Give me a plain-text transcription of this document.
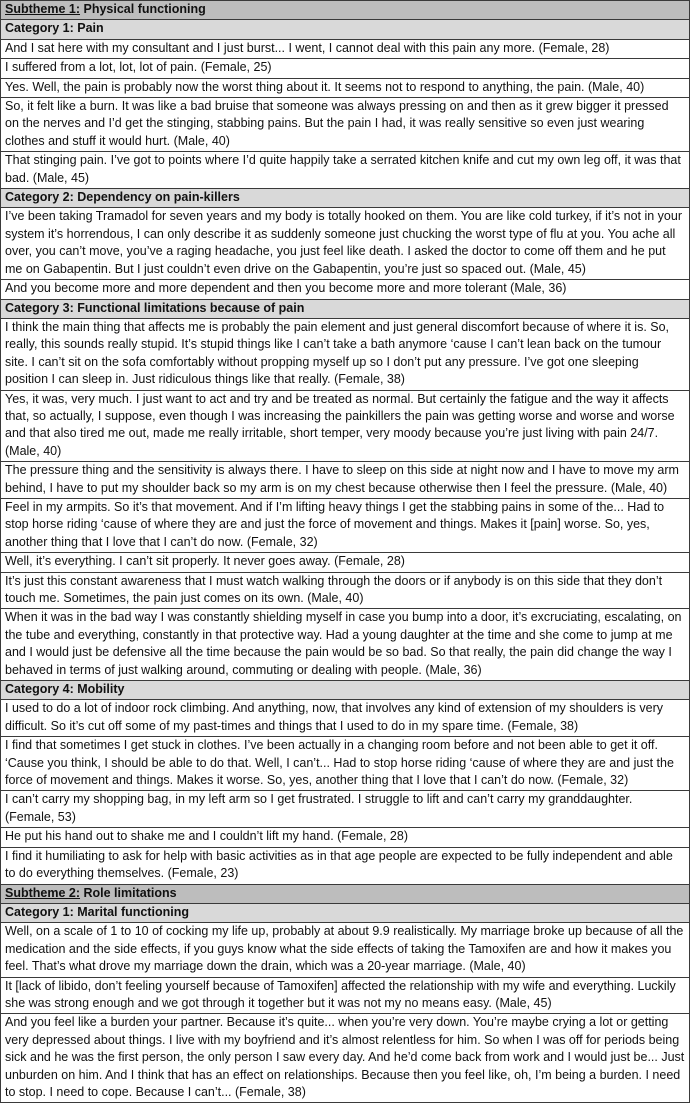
Subtheme 1: Physical functioning
Category 1: Pain
And I sat here with my consultant and I just burst... I went, I cannot deal with this pain any more. (Female, 28)
I suffered from a lot, lot, lot of pain. (Female, 25)
Yes. Well, the pain is probably now the worst thing about it. It seems not to respond to anything, the pain. (Male, 40)
So, it felt like a burn. It was like a bad bruise that someone was always pressing on and then as it grew bigger it pressed on the nerves and I’d get the stinging, stabbing pains. But the pain I had, it was really sensitive so even just wearing clothes and stuff it would hurt. (Male, 40)
That stinging pain. I’ve got to points where I’d quite happily take a serrated kitchen knife and cut my own leg off, it was that bad. (Male, 45)
Category 2: Dependency on pain-killers
I’ve been taking Tramadol for seven years and my body is totally hooked on them. You are like cold turkey, if it’s not in your system it’s horrendous, I can only describe it as suddenly someone just chucking the worst type of flu at you. You ache all over, you can’t move, you’ve a raging headache, you just feel like death. I asked the doctor to come off them and he put me on Gabapentin. But I just couldn’t even drive on the Gabapentin, you’re just so spaced out. (Male, 45)
And you become more and more dependent and then you become more and more tolerant (Male, 36)
Category 3: Functional limitations because of pain
I think the main thing that affects me is probably the pain element and just general discomfort because of where it is. So, really, this sounds really stupid. It’s stupid things like I can’t take a bath anymore ‘cause I can’t lean back on the tumour site. I can’t sit on the sofa comfortably without propping myself up so I don’t put any pressure. I’ve got one sleeping position I can sleep in. Just ridiculous things like that really. (Female, 38)
Yes, it was, very much. I just want to act and try and be treated as normal. But certainly the fatigue and the way it affects that, so actually, I suppose, even though I was increasing the painkillers the pain was getting worse and worse and worse and that also tired me out, made me really irritable, short temper, very moody because you’re just living with pain 24/7. (Male, 40)
The pressure thing and the sensitivity is always there. I have to sleep on this side at night now and I have to move my arm behind, I have to put my shoulder back so my arm is on my chest because otherwise then I feel the pressure. (Male, 40)
Feel in my armpits. So it’s that movement. And if I’m lifting heavy things I get the stabbing pains in some of the... Had to stop horse riding ‘cause of where they are and just the force of movement and things. Makes it [pain] worse. So, yes, another thing that I love that I can’t do now. (Female, 32)
Well, it’s everything. I can’t sit properly. It never goes away. (Female, 28)
It’s just this constant awareness that I must watch walking through the doors or if anybody is on this side that they don’t touch me. Sometimes, the pain just comes on its own. (Male, 40)
When it was in the bad way I was constantly shielding myself in case you bump into a door, it’s excruciating, escalating, on the tube and everything, constantly in that protective way. Had a young daughter at the time and she come to jump at me and I would just be defensive all the time because the pain would be so bad. So that really, the pain did change the way I behaved in terms of just walking around, commuting or dealing with people. (Male, 36)
Category 4: Mobility
I used to do a lot of indoor rock climbing. And anything, now, that involves any kind of extension of my shoulders is very difficult. So it’s cut off some of my past-times and things that I used to do in my spare time. (Female, 38)
I find that sometimes I get stuck in clothes. I’ve been actually in a changing room before and not been able to get it off. ‘Cause you think, I should be able to do that. Well, I can’t... Had to stop horse riding ‘cause of where they are and just the force of movement and things. Makes it worse. So, yes, another thing that I love that I can’t do now. (Female, 32)
I can’t carry my shopping bag, in my left arm so I get frustrated. I struggle to lift and can’t carry my granddaughter. (Female, 53)
He put his hand out to shake me and I couldn’t lift my hand. (Female, 28)
I find it humiliating to ask for help with basic activities as in that age people are expected to be fully independent and able to do everything themselves. (Female, 23)
Subtheme 2: Role limitations
Category 1: Marital functioning
Well, on a scale of 1 to 10 of cocking my life up, probably at about 9.9 realistically. My marriage broke up because of all the medication and the side effects, if you guys know what the side effects of taking the Tamoxifen are and how it makes you feel. That’s what drove my marriage down the drain, which was a 20-year marriage. (Male, 40)
It [lack of libido, don’t feeling yourself because of Tamoxifen] affected the relationship with my wife and everything. Luckily she was strong enough and we got through it together but it was not my no means easy. (Male, 45)
And you feel like a burden your partner. Because it’s quite... when you’re very down. You’re maybe crying a lot or getting very depressed about things. I live with my boyfriend and it’s almost relentless for him. So when I was off for periods being sick and he was the first person, the only person I saw every day. And he’d come back from work and I would just be... Just unburden on him. And I think that has an effect on relationships. Because then you feel like, oh, I’m being a burden. I need to stop. I need to cope. Because I can’t... (Female, 38)
